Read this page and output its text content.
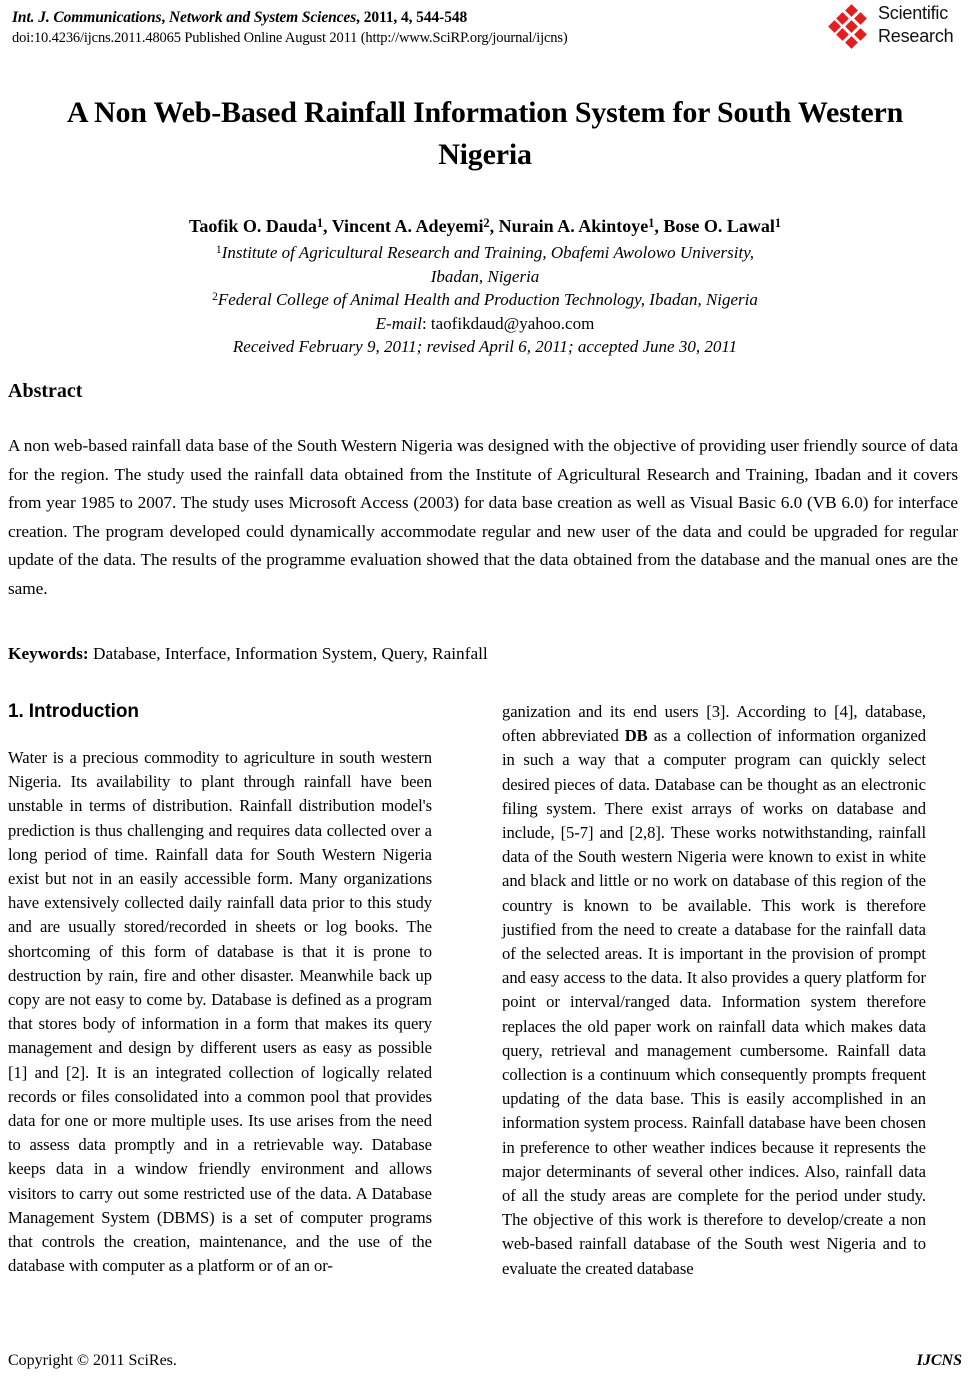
Int. J. Communications, Network and System Sciences, 2011, 4, 544-548
doi:10.4236/ijcns.2011.48065 Published Online August 2011 (http://www.SciRP.org/journal/ijcns)
Scientific
Research
A Non Web-Based Rainfall Information System for South Western Nigeria
Taofik O. Dauda$^1$, Vincent A. Adeyemi$^2$, Nurain A. Akintoye$^1$, Bose O. Lawal$^1$
$^1$Institute of Agricultural Research and Training, Obafemi Awolowo University,
Ibadan, Nigeria
$^2$Federal College of Animal Health and Production Technology, Ibadan, Nigeria
E-mail: taofikdaud@yahoo.com
Received February 9, 2011; revised April 6, 2011; accepted June 30, 2011
Abstract
A non web-based rainfall data base of the South Western Nigeria was designed with the objective of providing user friendly source of data for the region. The study used the rainfall data obtained from the Institute of Agricultural Research and Training, Ibadan and it covers from year 1985 to 2007. The study uses Microsoft Access (2003) for data base creation as well as Visual Basic 6.0 (VB 6.0) for interface creation. The program developed could dynamically accommodate regular and new user of the data and could be upgraded for regular update of the data. The results of the programme evaluation showed that the data obtained from the database and the manual ones are the same.
Keywords: Database, Interface, Information System, Query, Rainfall
1. Introduction

Water is a precious commodity to agriculture in south western Nigeria. Its availability to plant through rainfall have been unstable in terms of distribution. Rainfall distribution model's prediction is thus challenging and requires data collected over a long period of time. Rainfall data for South Western Nigeria exist but not in an easily accessible form. Many organizations have extensively collected daily rainfall data prior to this study and are usually stored/recorded in sheets or log books. The shortcoming of this form of database is that it is prone to destruction by rain, fire and other disaster. Meanwhile back up copy are not easy to come by. Database is defined as a program that stores body of information in a form that makes its query management and design by different users as easy as possible [1] and [2]. It is an integrated collection of logically related records or files consolidated into a common pool that provides data for one or more multiple uses. Its use arises from the need to assess data promptly and in a retrievable way. Database keeps data in a window friendly environment and allows visitors to carry out some restricted use of the data. A Database Management System (DBMS) is a set of computer programs that controls the creation, maintenance, and the use of the database with computer as a platform or of an or-

ganization and its end users [3]. According to [4], database, often abbreviated DB as a collection of information organized in such a way that a computer program can quickly select desired pieces of data. Database can be thought as an electronic filing system. There exist arrays of works on database and include, [5-7] and [2,8]. These works notwithstanding, rainfall data of the South western Nigeria were known to exist in white and black and little or no work on database of this region of the country is known to be available. This work is therefore justified from the need to create a database for the rainfall data of the selected areas. It is important in the provision of prompt and easy access to the data. It also provides a query platform for point or interval/ranged data. Information system therefore replaces the old paper work on rainfall data which makes data query, retrieval and management cumbersome. Rainfall data collection is a continuum which consequently prompts frequent updating of the data base. This is easily accomplished in an information system process. Rainfall database have been chosen in preference to other weather indices because it represents the major determinants of several other indices. Also, rainfall data of all the study areas are complete for the period under study. The objective of this work is therefore to develop/create a non web-based rainfall database of the South west Nigeria and to evaluate the created database

Copyright © 2011 SciRes.	IJCNS
